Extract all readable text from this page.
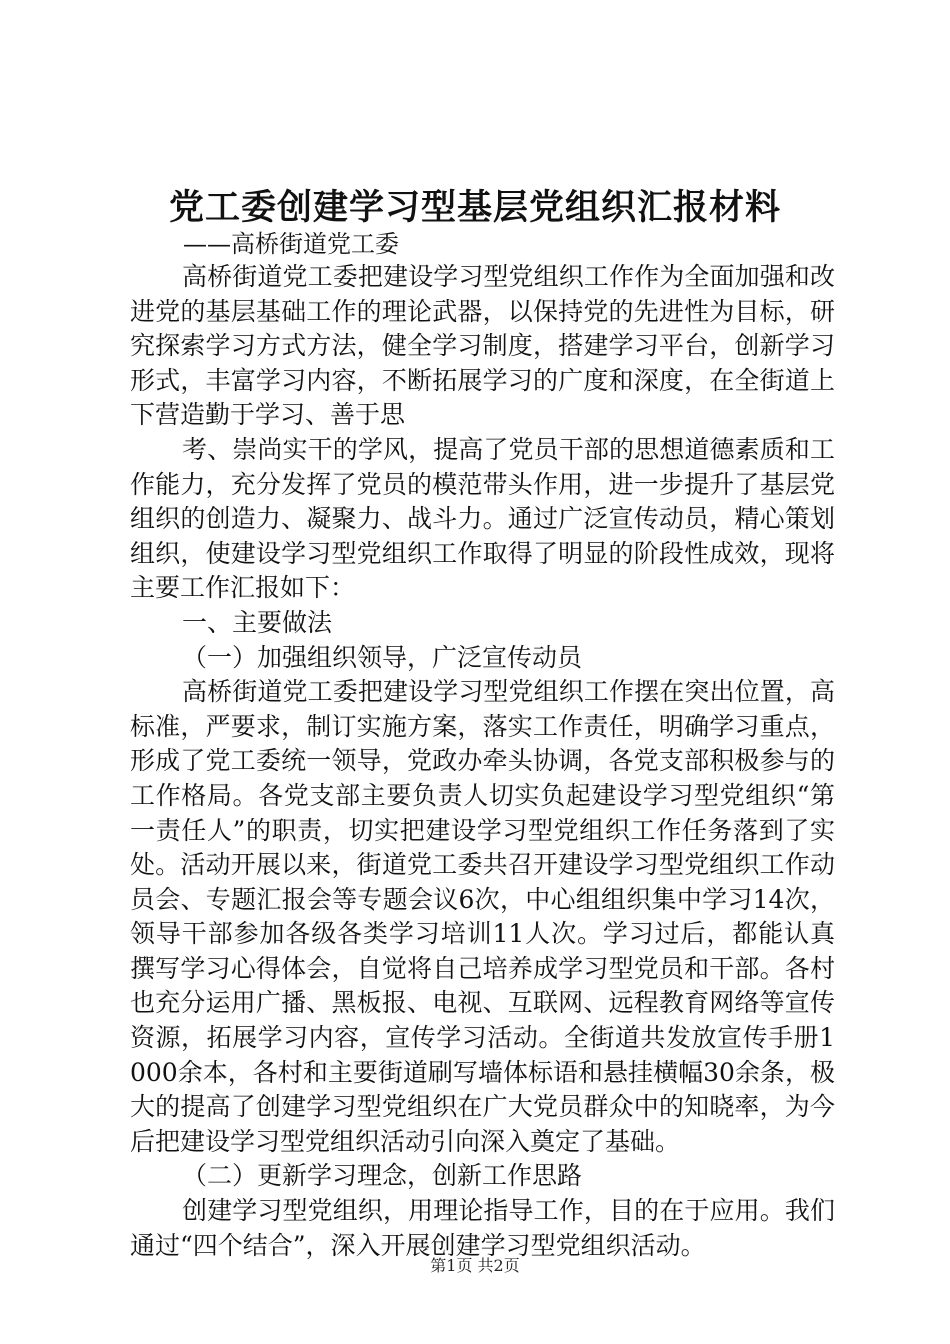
党工委创建学习型基层党组织汇报材料

——高桥街道党工委

高桥街道党工委把建设学习型党组织工作作为全面加强和改进党的基层基础工作的理论武器，以保持党的先进性为目标，研究探索学习方式方法，健全学习制度，搭建学习平台，创新学习形式，丰富学习内容，不断拓展学习的广度和深度，在全街道上下营造勤于学习、善于思

考、崇尚实干的学风，提高了党员干部的思想道德素质和工作能力，充分发挥了党员的模范带头作用，进一步提升了基层党组织的创造力、凝聚力、战斗力。通过广泛宣传动员，精心策划组织，使建设学习型党组织工作取得了明显的阶段性成效，现将主要工作汇报如下：

一、主要做法

（一）加强组织领导，广泛宣传动员

高桥街道党工委把建设学习型党组织工作摆在突出位置，高标准，严要求，制订实施方案，落实工作责任，明确学习重点，形成了党工委统一领导，党政办牵头协调，各党支部积极参与的工作格局。各党支部主要负责人切实负起建设学习型党组织“第一责任人”的职责，切实把建设学习型党组织工作任务落到了实处。活动开展以来，街道党工委共召开建设学习型党组织工作动员会、专题汇报会等专题会议6次，中心组组织集中学习14次，领导干部参加各级各类学习培训11人次。学习过后，都能认真撰写学习心得体会，自觉将自己培养成学习型党员和干部。各村也充分运用广播、黑板报、电视、互联网、远程教育网络等宣传资源，拓展学习内容，宣传学习活动。全街道共发放宣传手册1000余本，各村和主要街道刷写墙体标语和悬挂横幅30余条，极大的提高了创建学习型党组织在广大党员群众中的知晓率，为今后把建设学习型党组织活动引向深入奠定了基础。

（二）更新学习理念，创新工作思路

创建学习型党组织，用理论指导工作，目的在于应用。我们通过“四个结合”，深入开展创建学习型党组织活动。

第1页 共2页
